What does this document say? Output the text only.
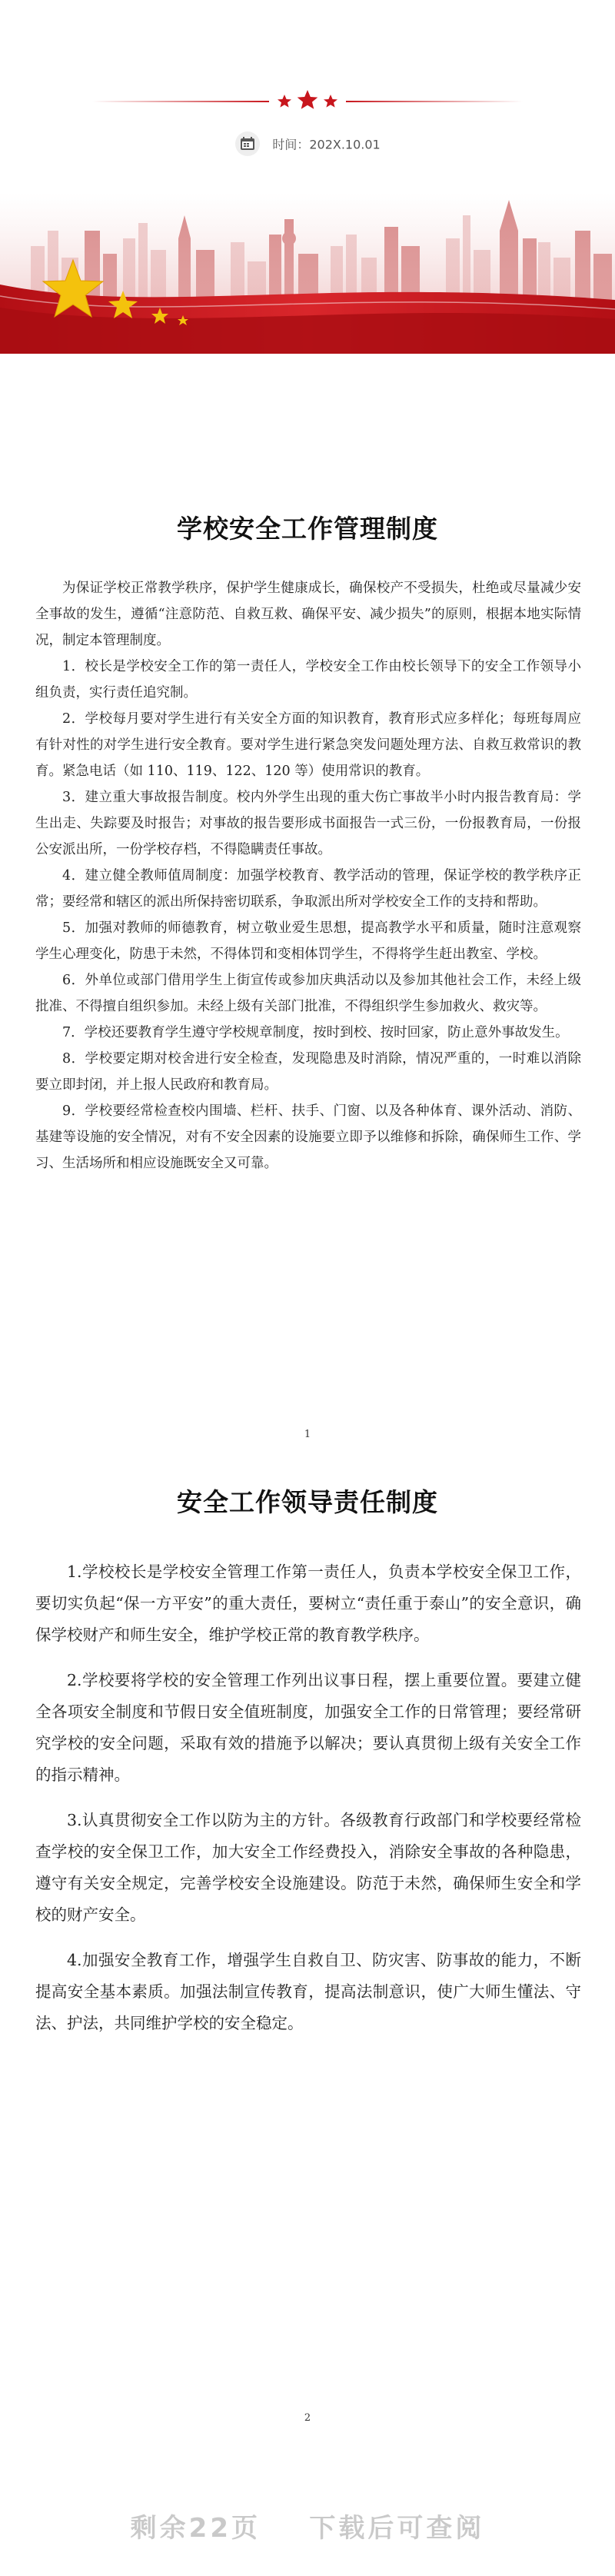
时间：202X.10.01
学校安全工作管理制度

为保证学校正常教学秩序，保护学生健康成长，确保校产不受损失，杜绝或尽量减少安全事故的发生，遵循“注意防范、自救互救、确保平安、减少损失”的原则，根据本地实际情况，制定本管理制度。

1．校长是学校安全工作的第一责任人，学校安全工作由校长领导下的安全工作领导小组负责，实行责任追究制。

2．学校每月要对学生进行有关安全方面的知识教育，教育形式应多样化；每班每周应有针对性的对学生进行安全教育。要对学生进行紧急突发问题处理方法、自救互救常识的教育。紧急电话（如 110、119、122、120 等）使用常识的教育。

3．建立重大事故报告制度。校内外学生出现的重大伤亡事故半小时内报告教育局：学生出走、失踪要及时报告；对事故的报告要形成书面报告一式三份，一份报教育局，一份报公安派出所，一份学校存档，不得隐瞒责任事故。

4．建立健全教师值周制度：加强学校教育、教学活动的管理，保证学校的教学秩序正常；要经常和辖区的派出所保持密切联系，争取派出所对学校安全工作的支持和帮助。

5．加强对教师的师德教育，树立敬业爱生思想，提高教学水平和质量，随时注意观察学生心理变化，防患于未然，不得体罚和变相体罚学生，不得将学生赶出教室、学校。

6．外单位或部门借用学生上街宣传或参加庆典活动以及参加其他社会工作，未经上级批准、不得擅自组织参加。未经上级有关部门批准，不得组织学生参加救火、救灾等。

7．学校还要教育学生遵守学校规章制度，按时到校、按时回家，防止意外事故发生。

8．学校要定期对校舍进行安全检查，发现隐患及时消除，情况严重的，一时难以消除要立即封闭，并上报人民政府和教育局。

9．学校要经常检查校内围墙、栏杆、扶手、门窗、以及各种体育、课外活动、消防、基建等设施的安全情况，对有不安全因素的设施要立即予以维修和拆除，确保师生工作、学习、生活场所和相应设施既安全又可靠。

1
安全工作领导责任制度

1.学校校长是学校安全管理工作第一责任人，负责本学校安全保卫工作，要切实负起“保一方平安”的重大责任，要树立“责任重于泰山”的安全意识，确保学校财产和师生安全，维护学校正常的教育教学秩序。

2.学校要将学校的安全管理工作列出议事日程，摆上重要位置。要建立健全各项安全制度和节假日安全值班制度，加强安全工作的日常管理；要经常研究学校的安全问题，采取有效的措施予以解决；要认真贯彻上级有关安全工作的指示精神。

3.认真贯彻安全工作以防为主的方针。各级教育行政部门和学校要经常检查学校的安全保卫工作，加大安全工作经费投入，消除安全事故的各种隐患，遵守有关安全规定，完善学校安全设施建设。防范于未然，确保师生安全和学校的财产安全。

4.加强安全教育工作，增强学生自救自卫、防灾害、防事故的能力，不断提高安全基本素质。加强法制宣传教育，提高法制意识，使广大师生懂法、守法、护法，共同维护学校的安全稳定。

2
剩余22页    下载后可查阅
